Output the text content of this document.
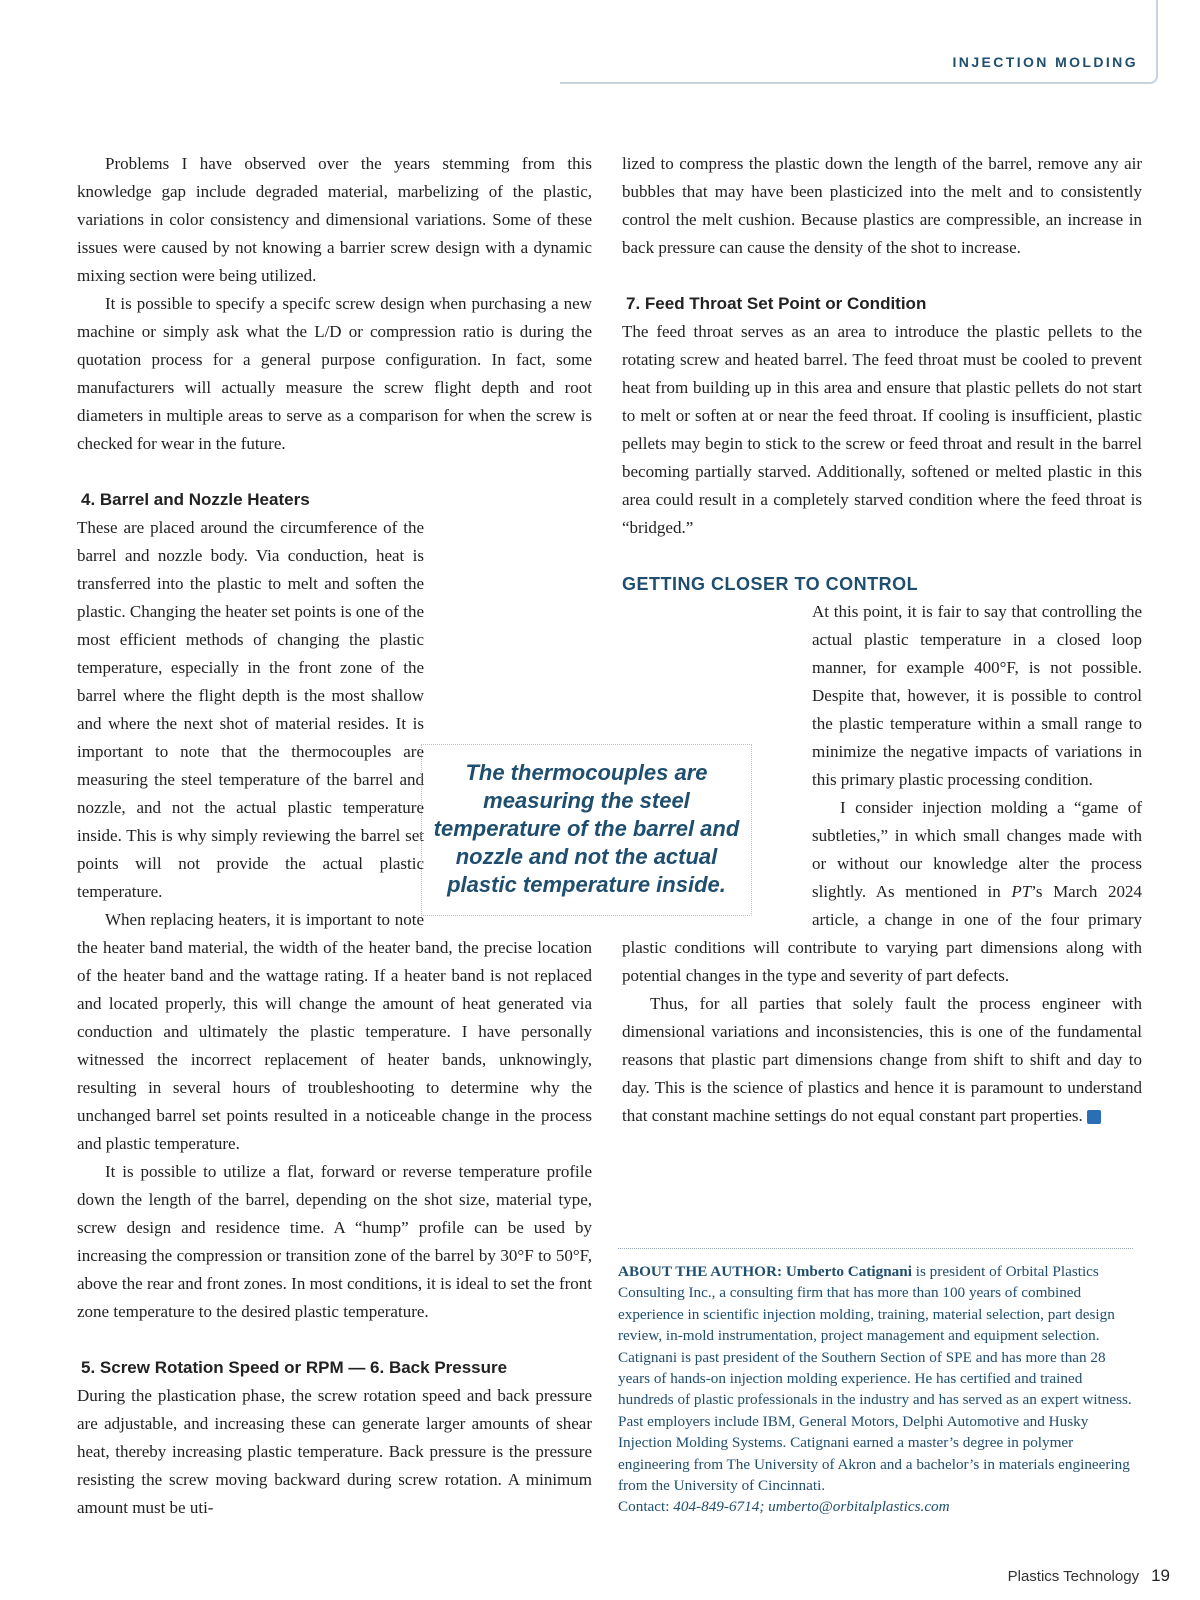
INJECTION MOLDING

Problems I have observed over the years stemming from this knowledge gap include degraded material, marbelizing of the plastic, variations in color consistency and dimensional variations. Some of these issues were caused by not knowing a barrier screw design with a dynamic mixing section were being utilized.

It is possible to specify a specifc screw design when purchasing a new machine or simply ask what the L/D or compression ratio is during the quotation process for a general purpose configuration. In fact, some manufacturers will actually measure the screw flight depth and root diameters in multiple areas to serve as a comparison for when the screw is checked for wear in the future.

4. Barrel and Nozzle Heaters

These are placed around the circumference of the barrel and nozzle body. Via conduction, heat is transferred into the plastic to melt and soften the plastic. Changing the heater set points is one of the most efficient methods of changing the plastic temperature, especially in the front zone of the barrel where the flight depth is the most shallow and where the next shot of material resides. It is important to note that the thermocouples are measuring the steel temperature of the barrel and nozzle, and not the actual plastic temperature inside. This is why simply reviewing the barrel set points will not provide the actual plastic temperature.

When replacing heaters, it is important to note the heater band material, the width of the heater band, the precise location of the heater band and the wattage rating. If a heater band is not replaced and located properly, this will change the amount of heat generated via conduction and ultimately the plastic temperature. I have personally witnessed the incorrect replacement of heater bands, unknowingly, resulting in several hours of troubleshooting to determine why the unchanged barrel set points resulted in a noticeable change in the process and plastic temperature.

It is possible to utilize a flat, forward or reverse temperature profile down the length of the barrel, depending on the shot size, material type, screw design and residence time. A “hump” profile can be used by increasing the compression or transition zone of the barrel by 30°F to 50°F, above the rear and front zones. In most conditions, it is ideal to set the front zone temperature to the desired plastic temperature.

5. Screw Rotation Speed or RPM — 6. Back Pressure

During the plastication phase, the screw rotation speed and back pressure are adjustable, and increasing these can generate larger amounts of shear heat, thereby increasing plastic temperature. Back pressure is the pressure resisting the screw moving backward during screw rotation. A minimum amount must be uti-

The thermocouples are measuring the steel temperature of the barrel and nozzle and not the actual plastic temperature inside.

lized to compress the plastic down the length of the barrel, remove any air bubbles that may have been plasticized into the melt and to consistently control the melt cushion. Because plastics are compressible, an increase in back pressure can cause the density of the shot to increase.

7. Feed Throat Set Point or Condition

The feed throat serves as an area to introduce the plastic pellets to the rotating screw and heated barrel. The feed throat must be cooled to prevent heat from building up in this area and ensure that plastic pellets do not start to melt or soften at or near the feed throat. If cooling is insufficient, plastic pellets may begin to stick to the screw or feed throat and result in the barrel becoming partially starved. Additionally, softened or melted plastic in this area could result in a completely starved condition where the feed throat is “bridged.”

GETTING CLOSER TO CONTROL

At this point, it is fair to say that controlling the actual plastic temperature in a closed loop manner, for example 400°F, is not possible. Despite that, however, it is possible to control the plastic temperature within a small range to minimize the negative impacts of variations in this primary plastic processing condition.

I consider injection molding a “game of subtleties,” in which small changes made with or without our knowledge alter the process slightly. As mentioned in PT’s March 2024 article, a change in one of the four primary plastic conditions will contribute to varying part dimensions along with potential changes in the type and severity of part defects.

Thus, for all parties that solely fault the process engineer with dimensional variations and inconsistencies, this is one of the fundamental reasons that plastic part dimensions change from shift to shift and day to day. This is the science of plastics and hence it is paramount to understand that constant machine settings do not equal constant part properties.	PT

ABOUT THE AUTHOR: Umberto Catignani is president of Orbital Plastics Consulting Inc., a consulting firm that has more than 100 years of combined experience in scientific injection molding, training, material selection, part design review, in-mold instrumentation, project management and equipment selection. Catignani is past president of the Southern Section of SPE and has more than 28 years of hands-on injection molding experience. He has certified and trained hundreds of plastic professionals in the industry and has served as an expert witness. Past employers include IBM, General Motors, Delphi Automotive and Husky Injection Molding Systems. Catignani earned a master’s degree in polymer engineering from The University of Akron and a bachelor’s in materials engineering from the University of Cincinnati.
Contact: 404-849-6714; umberto@orbitalplastics.com
Plastics Technology 19
